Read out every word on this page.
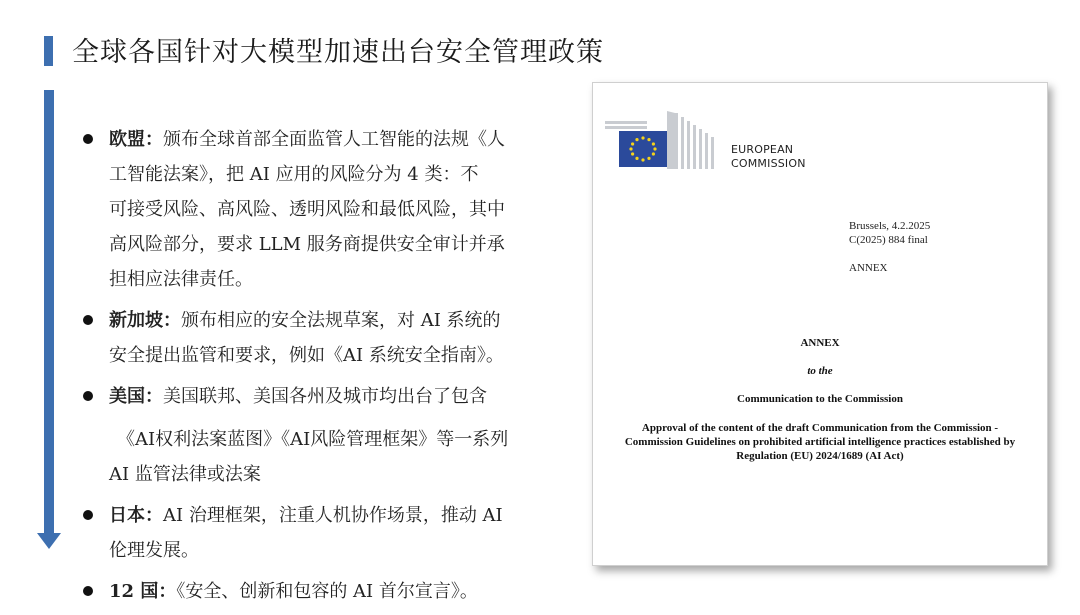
全球各国针对大模型加速出台安全管理政策
欧盟：颁布全球首部全面监管人工智能的法规《人
工智能法案》，把 AI 应用的风险分为 4 类：不
可接受风险、高风险、透明风险和最低风险，其中
高风险部分，要求 LLM 服务商提供安全审计并承
担相应法律责任。
新加坡：颁布相应的安全法规草案，对 AI 系统的
安全提出监管和要求，例如《AI 系统安全指南》。
美国：美国联邦、美国各州及城市均出台了包含
《AI权利法案蓝图》《AI风险管理框架》等一系列
AI 监管法律或法案
日本：AI 治理框架，注重人机协作场景，推动 AI
伦理发展。
12 国：《安全、创新和包容的 AI 首尔宣言》。
EUROPEAN
COMMISSION
Brussels, 4.2.2025
C(2025) 884 final
ANNEX
ANNEX
to the
Communication to the Commission
Approval of the content of the draft Communication from the Commission -
Commission Guidelines on prohibited artificial intelligence practices established by
Regulation (EU) 2024/1689 (AI Act)
